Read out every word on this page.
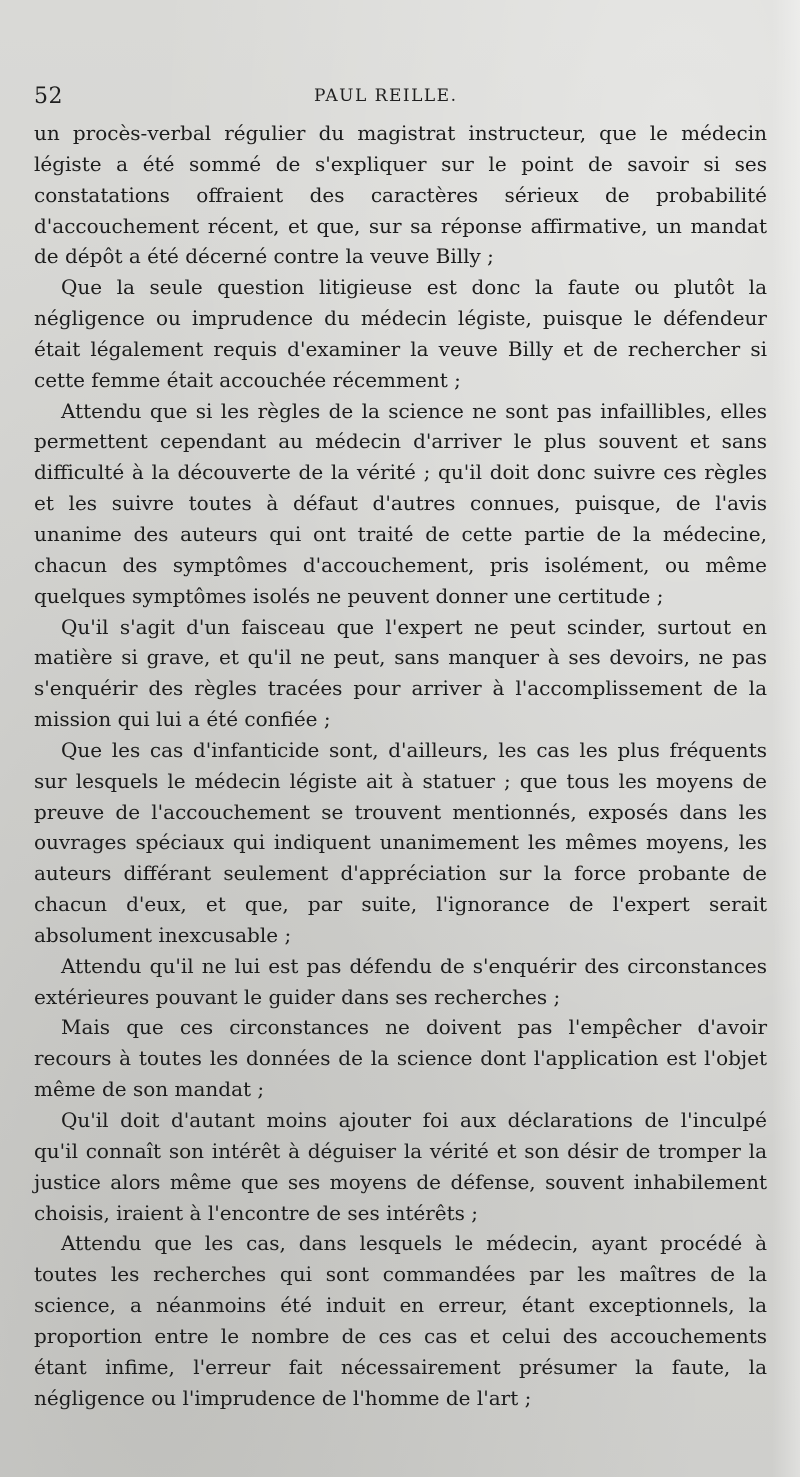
52	PAUL REILLE.

un procès-verbal régulier du magistrat instructeur, que le médecin légiste a été sommé de s'expliquer sur le point de savoir si ses constatations offraient des caractères sérieux de probabilité d'accouchement récent, et que, sur sa réponse affirmative, un mandat de dépôt a été décerné contre la veuve Billy ;

Que la seule question litigieuse est donc la faute ou plutôt la négligence ou imprudence du médecin légiste, puisque le défendeur était légalement requis d'examiner la veuve Billy et de rechercher si cette femme était accouchée récemment ;

Attendu que si les règles de la science ne sont pas infaillibles, elles permettent cependant au médecin d'arriver le plus souvent et sans difficulté à la découverte de la vérité ; qu'il doit donc suivre ces règles et les suivre toutes à défaut d'autres connues, puisque, de l'avis unanime des auteurs qui ont traité de cette partie de la médecine, chacun des symptômes d'accouchement, pris isolément, ou même quelques symptômes isolés ne peuvent donner une certitude ;

Qu'il s'agit d'un faisceau que l'expert ne peut scinder, surtout en matière si grave, et qu'il ne peut, sans manquer à ses devoirs, ne pas s'enquérir des règles tracées pour arriver à l'accomplissement de la mission qui lui a été confiée ;

Que les cas d'infanticide sont, d'ailleurs, les cas les plus fréquents sur lesquels le médecin légiste ait à statuer ; que tous les moyens de preuve de l'accouchement se trouvent mentionnés, exposés dans les ouvrages spéciaux qui indiquent unanimement les mêmes moyens, les auteurs différant seulement d'appréciation sur la force probante de chacun d'eux, et que, par suite, l'ignorance de l'expert serait absolument inexcusable ;

Attendu qu'il ne lui est pas défendu de s'enquérir des circonstances extérieures pouvant le guider dans ses recherches ;

Mais que ces circonstances ne doivent pas l'empêcher d'avoir recours à toutes les données de la science dont l'application est l'objet même de son mandat ;

Qu'il doit d'autant moins ajouter foi aux déclarations de l'inculpé qu'il connaît son intérêt à déguiser la vérité et son désir de tromper la justice alors même que ses moyens de défense, souvent inhabilement choisis, iraient à l'encontre de ses intérêts ;

Attendu que les cas, dans lesquels le médecin, ayant procédé à toutes les recherches qui sont commandées par les maîtres de la science, a néanmoins été induit en erreur, étant exceptionnels, la proportion entre le nombre de ces cas et celui des accouchements étant infime, l'erreur fait nécessairement présumer la faute, la négligence ou l'imprudence de l'homme de l'art ;
